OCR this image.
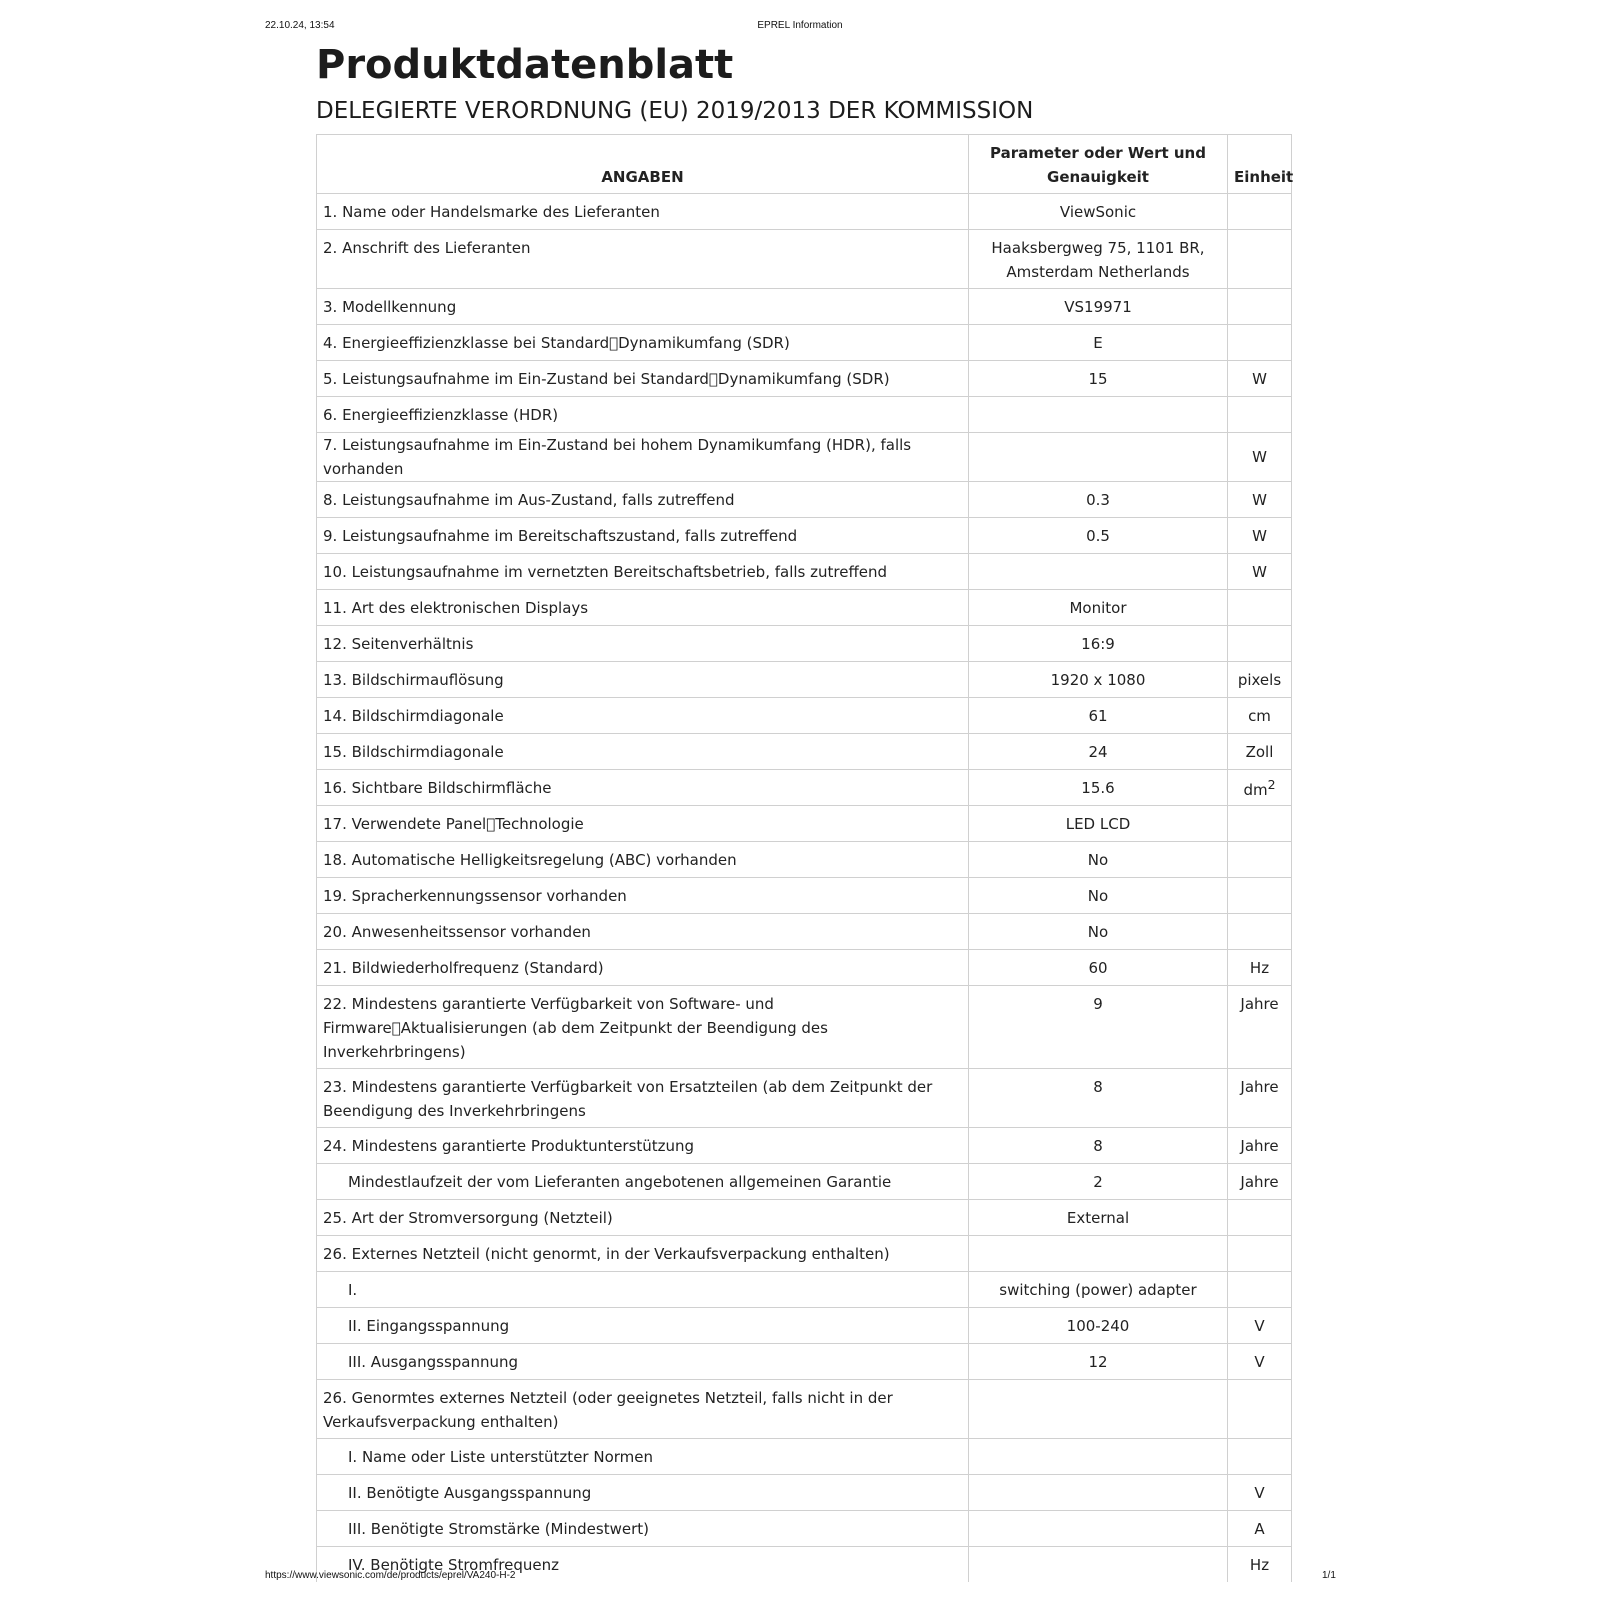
22.10.24, 13:54	EPREL Information
Produktdatenblatt
DELEGIERTE VERORDNUNG (EU) 2019/2013 DER KOMMISSION
ANGABEN	Parameter oder Wert und Genauigkeit	Einheit
1. Name oder Handelsmarke des Lieferanten	ViewSonic	
2. Anschrift des Lieferanten	Haaksbergweg 75, 1101 BR, Amsterdam Netherlands	
3. Modellkennung	VS19971	
4. Energieeffizienzklasse bei Standard Dynamikumfang (SDR)	E	
5. Leistungsaufnahme im Ein-Zustand bei Standard Dynamikumfang (SDR)	15	W
6. Energieeffizienzklasse (HDR)		
7. Leistungsaufnahme im Ein-Zustand bei hohem Dynamikumfang (HDR), falls vorhanden		W
8. Leistungsaufnahme im Aus-Zustand, falls zutreffend	0.3	W
9. Leistungsaufnahme im Bereitschaftszustand, falls zutreffend	0.5	W
10. Leistungsaufnahme im vernetzten Bereitschaftsbetrieb, falls zutreffend		W
11. Art des elektronischen Displays	Monitor	
12. Seitenverhältnis	16:9	
13. Bildschirmauflösung	1920 x 1080	pixels
14. Bildschirmdiagonale	61	cm
15. Bildschirmdiagonale	24	Zoll
16. Sichtbare Bildschirmfläche	15.6	$dm^2$
17. Verwendete Panel Technologie	LED LCD	
18. Automatische Helligkeitsregelung (ABC) vorhanden	No	
19. Spracherkennungssensor vorhanden	No	
20. Anwesenheitssensor vorhanden	No	
21. Bildwiederholfrequenz (Standard)	60	Hz
22. Mindestens garantierte Verfügbarkeit von Software- und Firmware Aktualisierungen (ab dem Zeitpunkt der Beendigung des Inverkehrbringens)	9	Jahre
23. Mindestens garantierte Verfügbarkeit von Ersatzteilen (ab dem Zeitpunkt der Beendigung des Inverkehrbringens	8	Jahre
24. Mindestens garantierte Produktunterstützung	8	Jahre
Mindestlaufzeit der vom Lieferanten angebotenen allgemeinen Garantie	2	Jahre
25. Art der Stromversorgung (Netzteil)	External	
26. Externes Netzteil (nicht genormt, in der Verkaufsverpackung enthalten)		
I.	switching (power) adapter	
II. Eingangsspannung	100-240	V
III. Ausgangsspannung	12	V
26. Genormtes externes Netzteil (oder geeignetes Netzteil, falls nicht in der Verkaufsverpackung enthalten)		
I. Name oder Liste unterstützter Normen		
II. Benötigte Ausgangsspannung		V
III. Benötigte Stromstärke (Mindestwert)		A
IV. Benötigte Stromfrequenz		Hz
https://www.viewsonic.com/de/products/eprel/VA240-H-2	1/1
